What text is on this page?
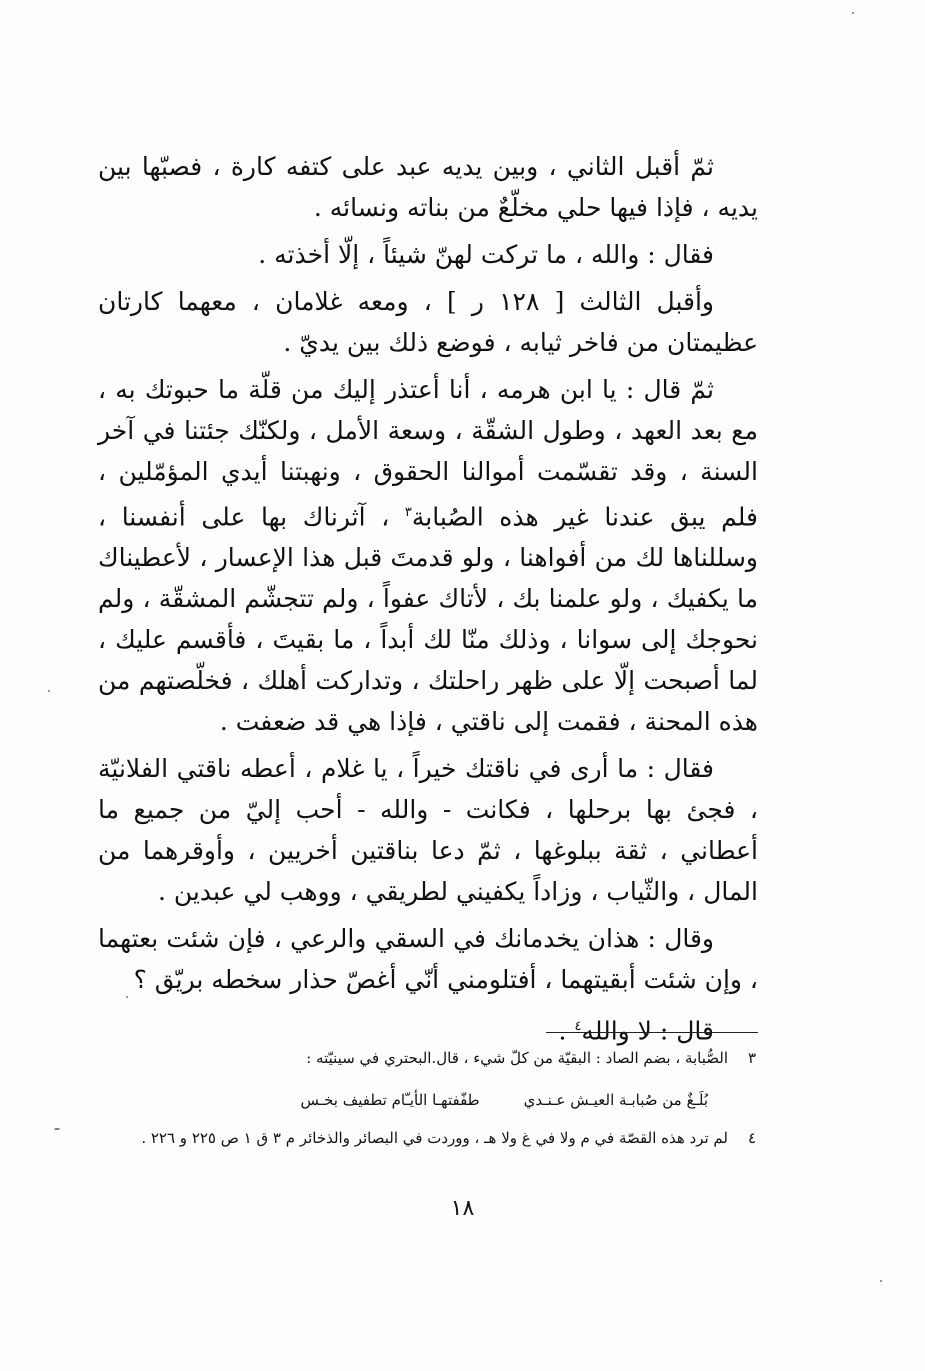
ثمّ أقبل الثاني ، وبين يديه عبد على كتفه كارة ، فصبّها بين يديه ، فإذا فيها حلي مخلّعٌ من بناته ونسائه .

فقال : والله ، ما تركت لهنّ شيئاً ، إلّا أخذته .

وأقبل الثالث [ ١٢٨ ر ] ، ومعه غلامان ، معهما كارتان عظيمتان من فاخر ثيابه ، فوضع ذلك بين يديّ .

ثمّ قال : يا ابن هرمه ، أنا أعتذر إليك من قلّة ما حبوتك به ، مع بعد العهد ، وطول الشقّة ، وسعة الأمل ، ولكنّك جئتنا في آخر السنة ، وقد تقسّمت أموالنا الحقوق ، ونهبتنا أيدي المؤمّلين ، فلم يبق عندنا غير هذه الصُبابة$^٣$ ، آثرناك بها على أنفسنا ، وسللناها لك من أفواهنا ، ولو قدمتَ قبل هذا الإعسار ، لأعطيناك ما يكفيك ، ولو علمنا بك ، لأتاك عفواً ، ولم تتجشّم المشقّة ، ولم نحوجك إلى سوانا ، وذلك منّا لك أبداً ، ما بقيتَ ، فأقسم عليك ، لما أصبحت إلّا على ظهر راحلتك ، وتداركت أهلك ، فخلّصتهم من هذه المحنة ، فقمت إلى ناقتي ، فإذا هي قد ضعفت .

فقال : ما أرى في ناقتك خيراً ، يا غلام ، أعطه ناقتي الفلانيّة ، فجئ بها برحلها ، فكانت - والله - أحب إليّ من جميع ما أعطاني ، ثقة ببلوغها ، ثمّ دعا بناقتين أخريين ، وأوقرهما من المال ، والثّياب ، وزاداً يكفيني لطريقي ، ووهب لي عبدين .

وقال : هذان يخدمانك في السقي والرعي ، فإن شئت بعتهما ، وإن شئت أبقيتهما ، أفتلومني أنّي أغصّ حذار سخطه بريّق ؟

قال : لا والله$^٤$ .

٣
الصُّبابة ، بضم الصاد : البقيّة من كلّ شيء ، قال.البحتري في سينيّته :

بُلَـغٌ من صُبابـة العيـش عـنـدي
طفّفتهـا الأيـّام تطفيف بخـس

٤
لم ترد هذه القصّة في م ولا في غ ولا هـ ، ووردت في البصائر والذخائر م ٣ ق ١ ص ٢٢٥ و ٢٢٦ .

١٨
